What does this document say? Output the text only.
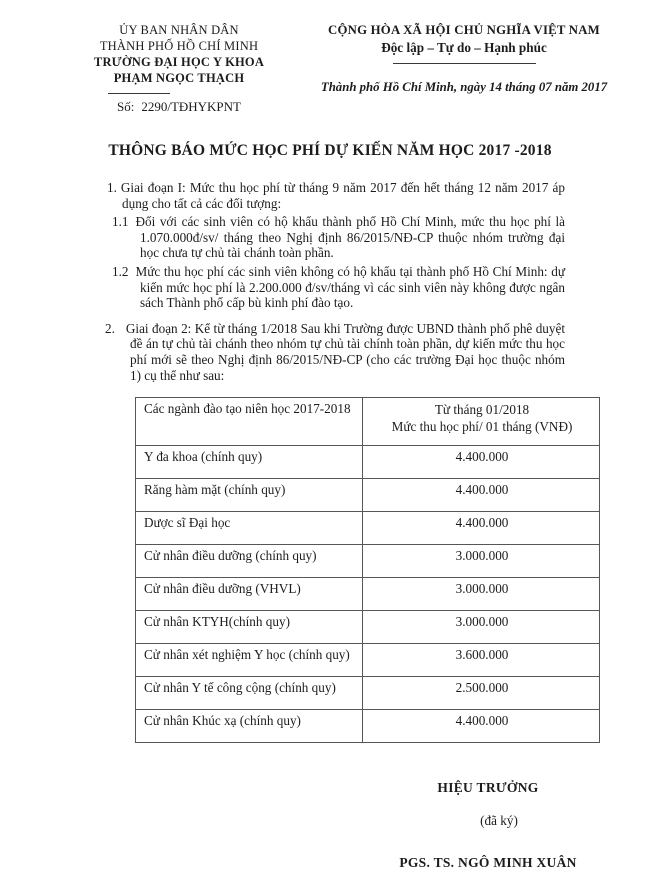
ỦY BAN NHÂN DÂN
THÀNH PHỐ HỒ CHÍ MINH
TRƯỜNG ĐẠI HỌC Y KHOA
PHẠM NGỌC THẠCH
Số: 2290/TĐHYKPNT
CỘNG HÒA XÃ HỘI CHỦ NGHĨA VIỆT NAM
Độc lập – Tự do – Hạnh phúc
Thành phố Hồ Chí Minh, ngày 14 tháng 07 năm 2017
THÔNG BÁO MỨC HỌC PHÍ DỰ KIẾN NĂM HỌC 2017 -2018
1. Giai đoạn I: Mức thu học phí từ tháng 9 năm 2017 đến hết tháng 12 năm 2017 áp dụng cho tất cả các đối tượng:
1.1 Đối với các sinh viên có hộ khẩu thành phố Hồ Chí Minh, mức thu học phí là 1.070.000đ/sv/ tháng theo Nghị định 86/2015/NĐ-CP thuộc nhóm trường đại học chưa tự chủ tài chánh toàn phần.
1.2 Mức thu học phí các sinh viên không có hộ khẩu tại thành phố Hồ Chí Minh: dự kiến mức học phí là 2.200.000 đ/sv/tháng vì các sinh viên này không được ngân sách Thành phố cấp bù kinh phí đào tạo.
2. Giai đoạn 2: Kể từ tháng 1/2018 Sau khi Trường được UBND thành phố phê duyệt đề án tự chủ tài chánh theo nhóm tự chủ tài chính toàn phần, dự kiến mức thu học phí mới sẽ theo Nghị định 86/2015/NĐ-CP (cho các trường Đại học thuộc nhóm 1) cụ thể như sau:
Các ngành đào tạo niên học 2017-2018	Từ tháng 01/2018
Mức thu học phí/ 01 tháng (VNĐ)

Y đa khoa (chính quy)	4.400.000
Răng hàm mặt (chính quy)	4.400.000
Dược sĩ Đại học	4.400.000
Cử nhân điều dưỡng (chính quy)	3.000.000
Cử nhân điều dưỡng (VHVL)	3.000.000
Cử nhân KTYH(chính quy)	3.000.000
Cử nhân xét nghiệm Y học (chính quy)	3.600.000
Cử nhân Y tế công cộng (chính quy)	2.500.000
Cử nhân Khúc xạ (chính quy)	4.400.000
HIỆU TRƯỞNG
(đã ký)
PGS. TS. NGÔ MINH XUÂN
